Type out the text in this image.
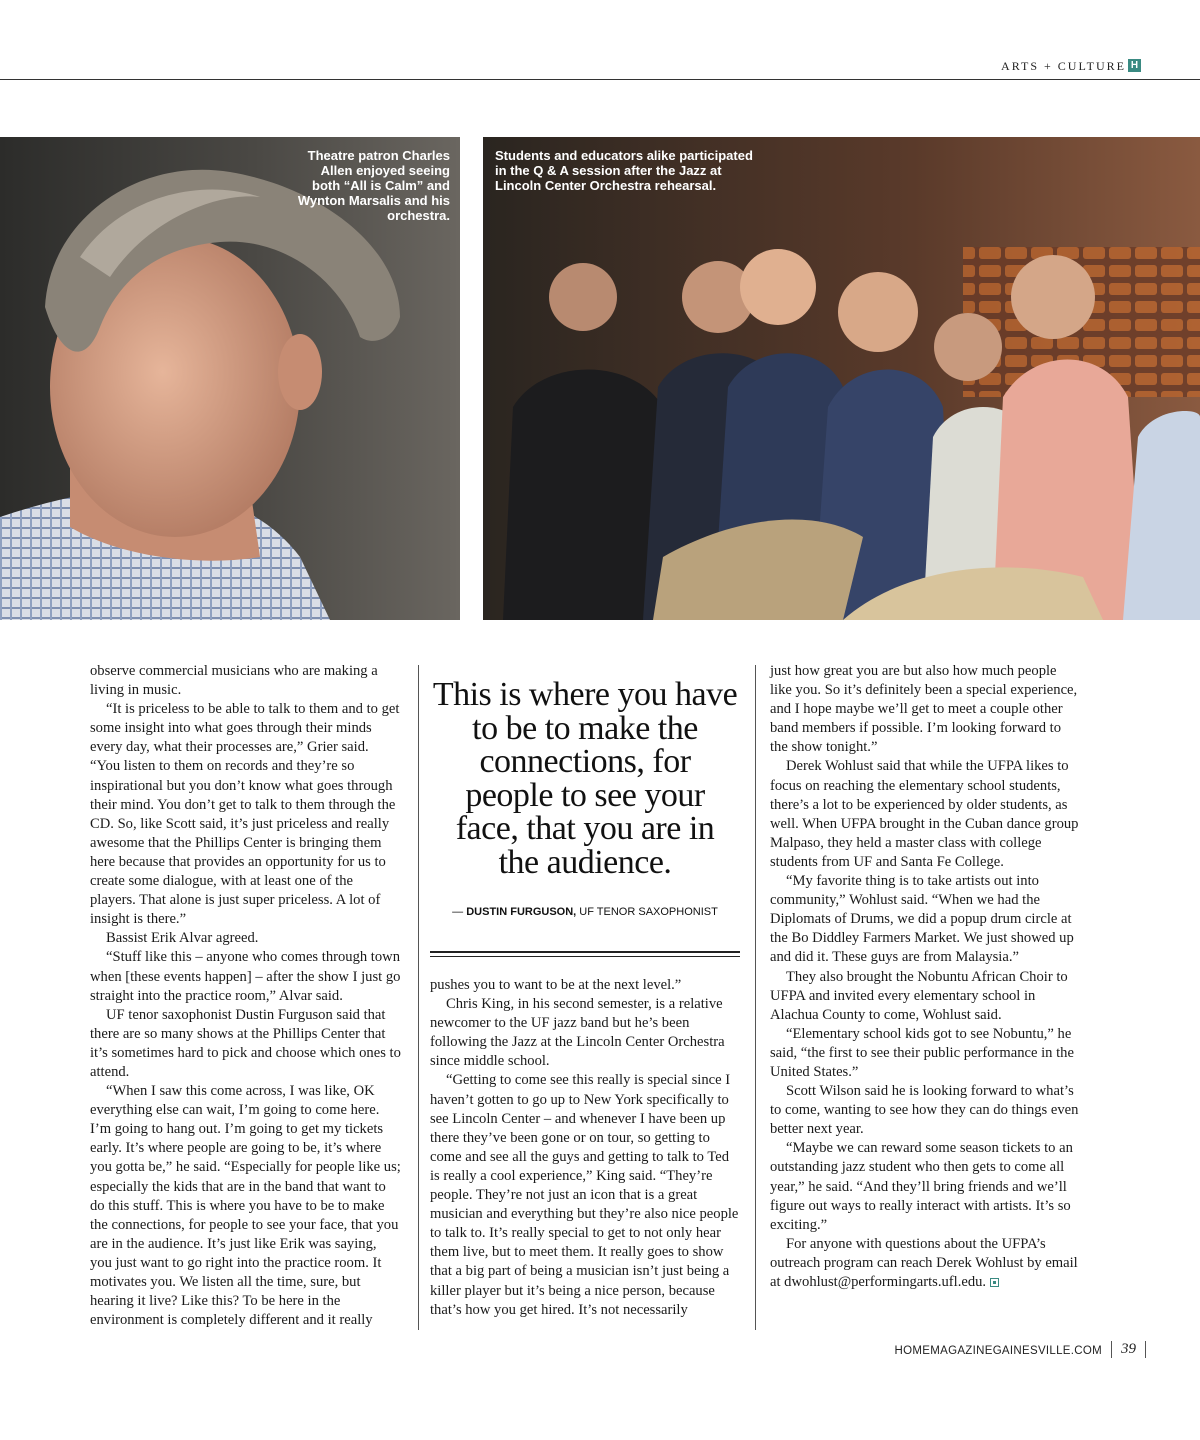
ARTS + CULTURE H
Theatre patron Charles Allen enjoyed seeing both “All is Calm” and Wynton Marsalis and his orchestra.
Students and educators alike participated in the Q & A session after the Jazz at Lincoln Center Orchestra rehearsal.

observe commercial musicians who are making a living in music.

“It is priceless to be able to talk to them and to get some insight into what goes through their minds every day, what their processes are,” Grier said. “You listen to them on records and they’re so inspirational but you don’t know what goes through their mind. You don’t get to talk to them through the CD. So, like Scott said, it’s just priceless and really awesome that the Phillips Center is bringing them here because that provides an opportunity for us to create some dialogue, with at least one of the players. That alone is just super priceless. A lot of insight is there.”

Bassist Erik Alvar agreed.

“Stuff like this – anyone who comes through town when [these events happen] – after the show I just go straight into the practice room,” Alvar said.

UF tenor saxophonist Dustin Furguson said that there are so many shows at the Phillips Center that it’s sometimes hard to pick and choose which ones to attend.

“When I saw this come across, I was like, OK everything else can wait, I’m going to come here. I’m going to hang out. I’m going to get my tickets early. It’s where people are going to be, it’s where you gotta be,” he said. “Especially for people like us; especially the kids that are in the band that want to do this stuff. This is where you have to be to make the connections, for people to see your face, that you are in the audience. It’s just like Erik was saying, you just want to go right into the practice room. It motivates you. We listen all the time, sure, but hearing it live? Like this? To be here in the environment is completely different and it really

This is where you have to be to make the connections, for people to see your face, that you are in the audience.
— DUSTIN FURGUSON, UF TENOR SAXOPHONIST

pushes you to want to be at the next level.”

Chris King, in his second semester, is a relative newcomer to the UF jazz band but he’s been following the Jazz at the Lincoln Center Orchestra since middle school.

“Getting to come see this really is special since I haven’t gotten to go up to New York specifically to see Lincoln Center – and whenever I have been up there they’ve been gone or on tour, so getting to come and see all the guys and getting to talk to Ted is really a cool experience,” King said. “They’re people. They’re not just an icon that is a great musician and everything but they’re also nice people to talk to. It’s really special to get to not only hear them live, but to meet them. It really goes to show that a big part of being a musician isn’t just being a killer player but it’s being a nice person, because that’s how you get hired. It’s not necessarily

just how great you are but also how much people like you. So it’s definitely been a special experience, and I hope maybe we’ll get to meet a couple other band members if possible. I’m looking forward to the show tonight.”

Derek Wohlust said that while the UFPA likes to focus on reaching the elementary school students, there’s a lot to be experienced by older students, as well. When UFPA brought in the Cuban dance group Malpaso, they held a master class with college students from UF and Santa Fe College.

“My favorite thing is to take artists out into community,” Wohlust said. “When we had the Diplomats of Drums, we did a popup drum circle at the Bo Diddley Farmers Market. We just showed up and did it. These guys are from Malaysia.”

They also brought the Nobuntu African Choir to UFPA and invited every elementary school in Alachua County to come, Wohlust said.

“Elementary school kids got to see Nobuntu,” he said, “the first to see their public performance in the United States.”

Scott Wilson said he is looking forward to what’s to come, wanting to see how they can do things even better next year.

“Maybe we can reward some season tickets to an outstanding jazz student who then gets to come all year,” he said. “And they’ll bring friends and we’ll figure out ways to really interact with artists. It’s so exciting.”

For anyone with questions about the UFPA’s outreach program can reach Derek Wohlust by email at dwohlust@performingarts.ufl.edu.

HOMEMAGAZINEGAINESVILLE.COM 39
